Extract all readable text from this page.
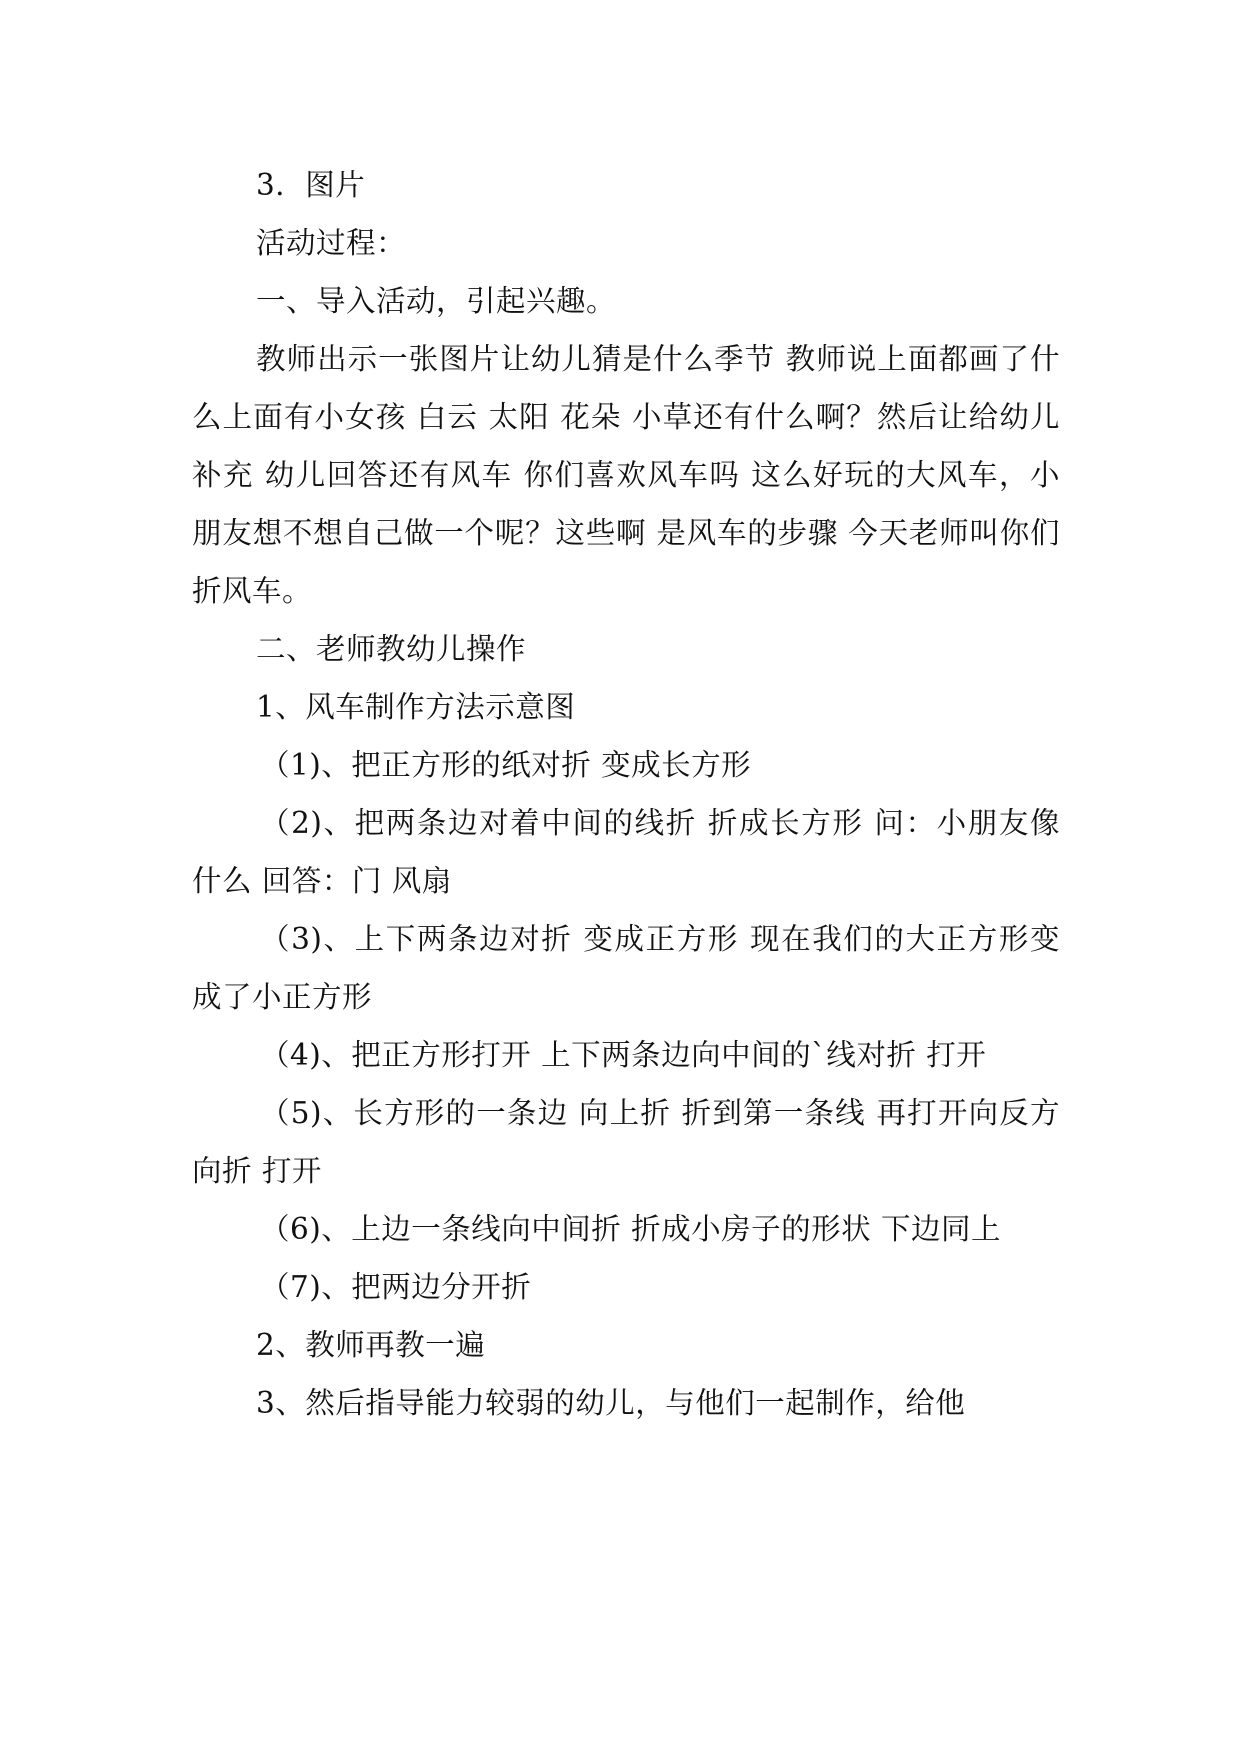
3．图片

活动过程：

一、导入活动，引起兴趣。

教师出示一张图片让幼儿猜是什么季节 教师说上面都画了什么上面有小女孩 白云 太阳 花朵 小草还有什么啊？然后让给幼儿补充 幼儿回答还有风车 你们喜欢风车吗 这么好玩的大风车，小朋友想不想自己做一个呢？这些啊 是风车的步骤 今天老师叫你们折风车。

二、老师教幼儿操作

1、风车制作方法示意图

（1)、把正方形的纸对折 变成长方形

（2)、把两条边对着中间的线折 折成长方形 问：小朋友像什么 回答：门 风扇

（3)、上下两条边对折 变成正方形 现在我们的大正方形变成了小正方形

（4)、把正方形打开 上下两条边向中间的`线对折 打开

（5)、长方形的一条边 向上折 折到第一条线 再打开向反方向折 打开

（6)、上边一条线向中间折 折成小房子的形状 下边同上

（7)、把两边分开折

2、教师再教一遍

3、然后指导能力较弱的幼儿，与他们一起制作，给他
